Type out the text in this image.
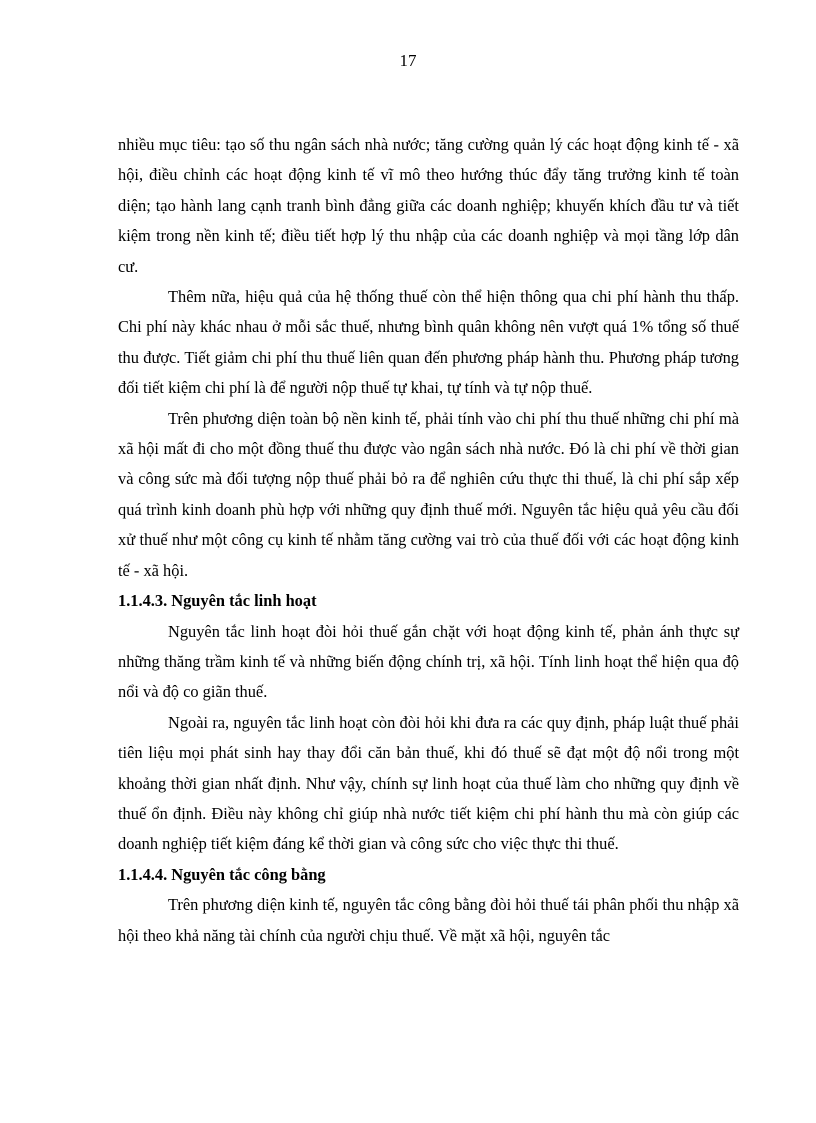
17

nhiều mục tiêu: tạo số thu ngân sách nhà nước; tăng cường quản lý các hoạt động kinh tế - xã hội, điều chỉnh các hoạt động kinh tế vĩ mô theo hướng thúc đẩy tăng trưởng kinh tế toàn diện; tạo hành lang cạnh tranh bình đẳng giữa các doanh nghiệp; khuyến khích đầu tư và tiết kiệm trong nền kinh tế; điều tiết hợp lý thu nhập của các doanh nghiệp và mọi tầng lớp dân cư.

Thêm nữa, hiệu quả của hệ thống thuế còn thể hiện thông qua chi phí hành thu thấp. Chi phí này khác nhau ở mỗi sắc thuế, nhưng bình quân không nên vượt quá 1% tổng số thuế thu được. Tiết giảm chi phí thu thuế liên quan đến phương pháp hành thu. Phương pháp tương đối tiết kiệm chi phí là để người nộp thuế tự khai, tự tính và tự nộp thuế.

Trên phương diện toàn bộ nền kinh tế, phải tính vào chi phí thu thuế những chi phí mà xã hội mất đi cho một đồng thuế thu được vào ngân sách nhà nước. Đó là chi phí về thời gian và công sức mà đối tượng nộp thuế phải bỏ ra để nghiên cứu thực thi thuế, là chi phí sắp xếp quá trình kinh doanh phù hợp với những quy định thuế mới. Nguyên tắc hiệu quả yêu cầu đối xử thuế như một công cụ kinh tế nhằm tăng cường vai trò của thuế đối với các hoạt động kinh tế - xã hội.

1.1.4.3. Nguyên tắc linh hoạt

Nguyên tắc linh hoạt đòi hỏi thuế gắn chặt với hoạt động kinh tế, phản ánh thực sự những thăng trầm kinh tế và những biến động chính trị, xã hội. Tính linh hoạt thể hiện qua độ nổi và độ co giãn thuế.

Ngoài ra, nguyên tắc linh hoạt còn đòi hỏi khi đưa ra các quy định, pháp luật thuế phải tiên liệu mọi phát sinh hay thay đổi căn bản thuế, khi đó thuế sẽ đạt một độ nổi trong một khoảng thời gian nhất định. Như vậy, chính sự linh hoạt của thuế làm cho những quy định về thuế ổn định. Điều này không chỉ giúp nhà nước tiết kiệm chi phí hành thu mà còn giúp các doanh nghiệp tiết kiệm đáng kể thời gian và công sức cho việc thực thi thuế.

1.1.4.4. Nguyên tắc công bằng

Trên phương diện kinh tế, nguyên tắc công bằng đòi hỏi thuế tái phân phối thu nhập xã hội theo khả năng tài chính của người chịu thuế. Về mặt xã hội, nguyên tắc
